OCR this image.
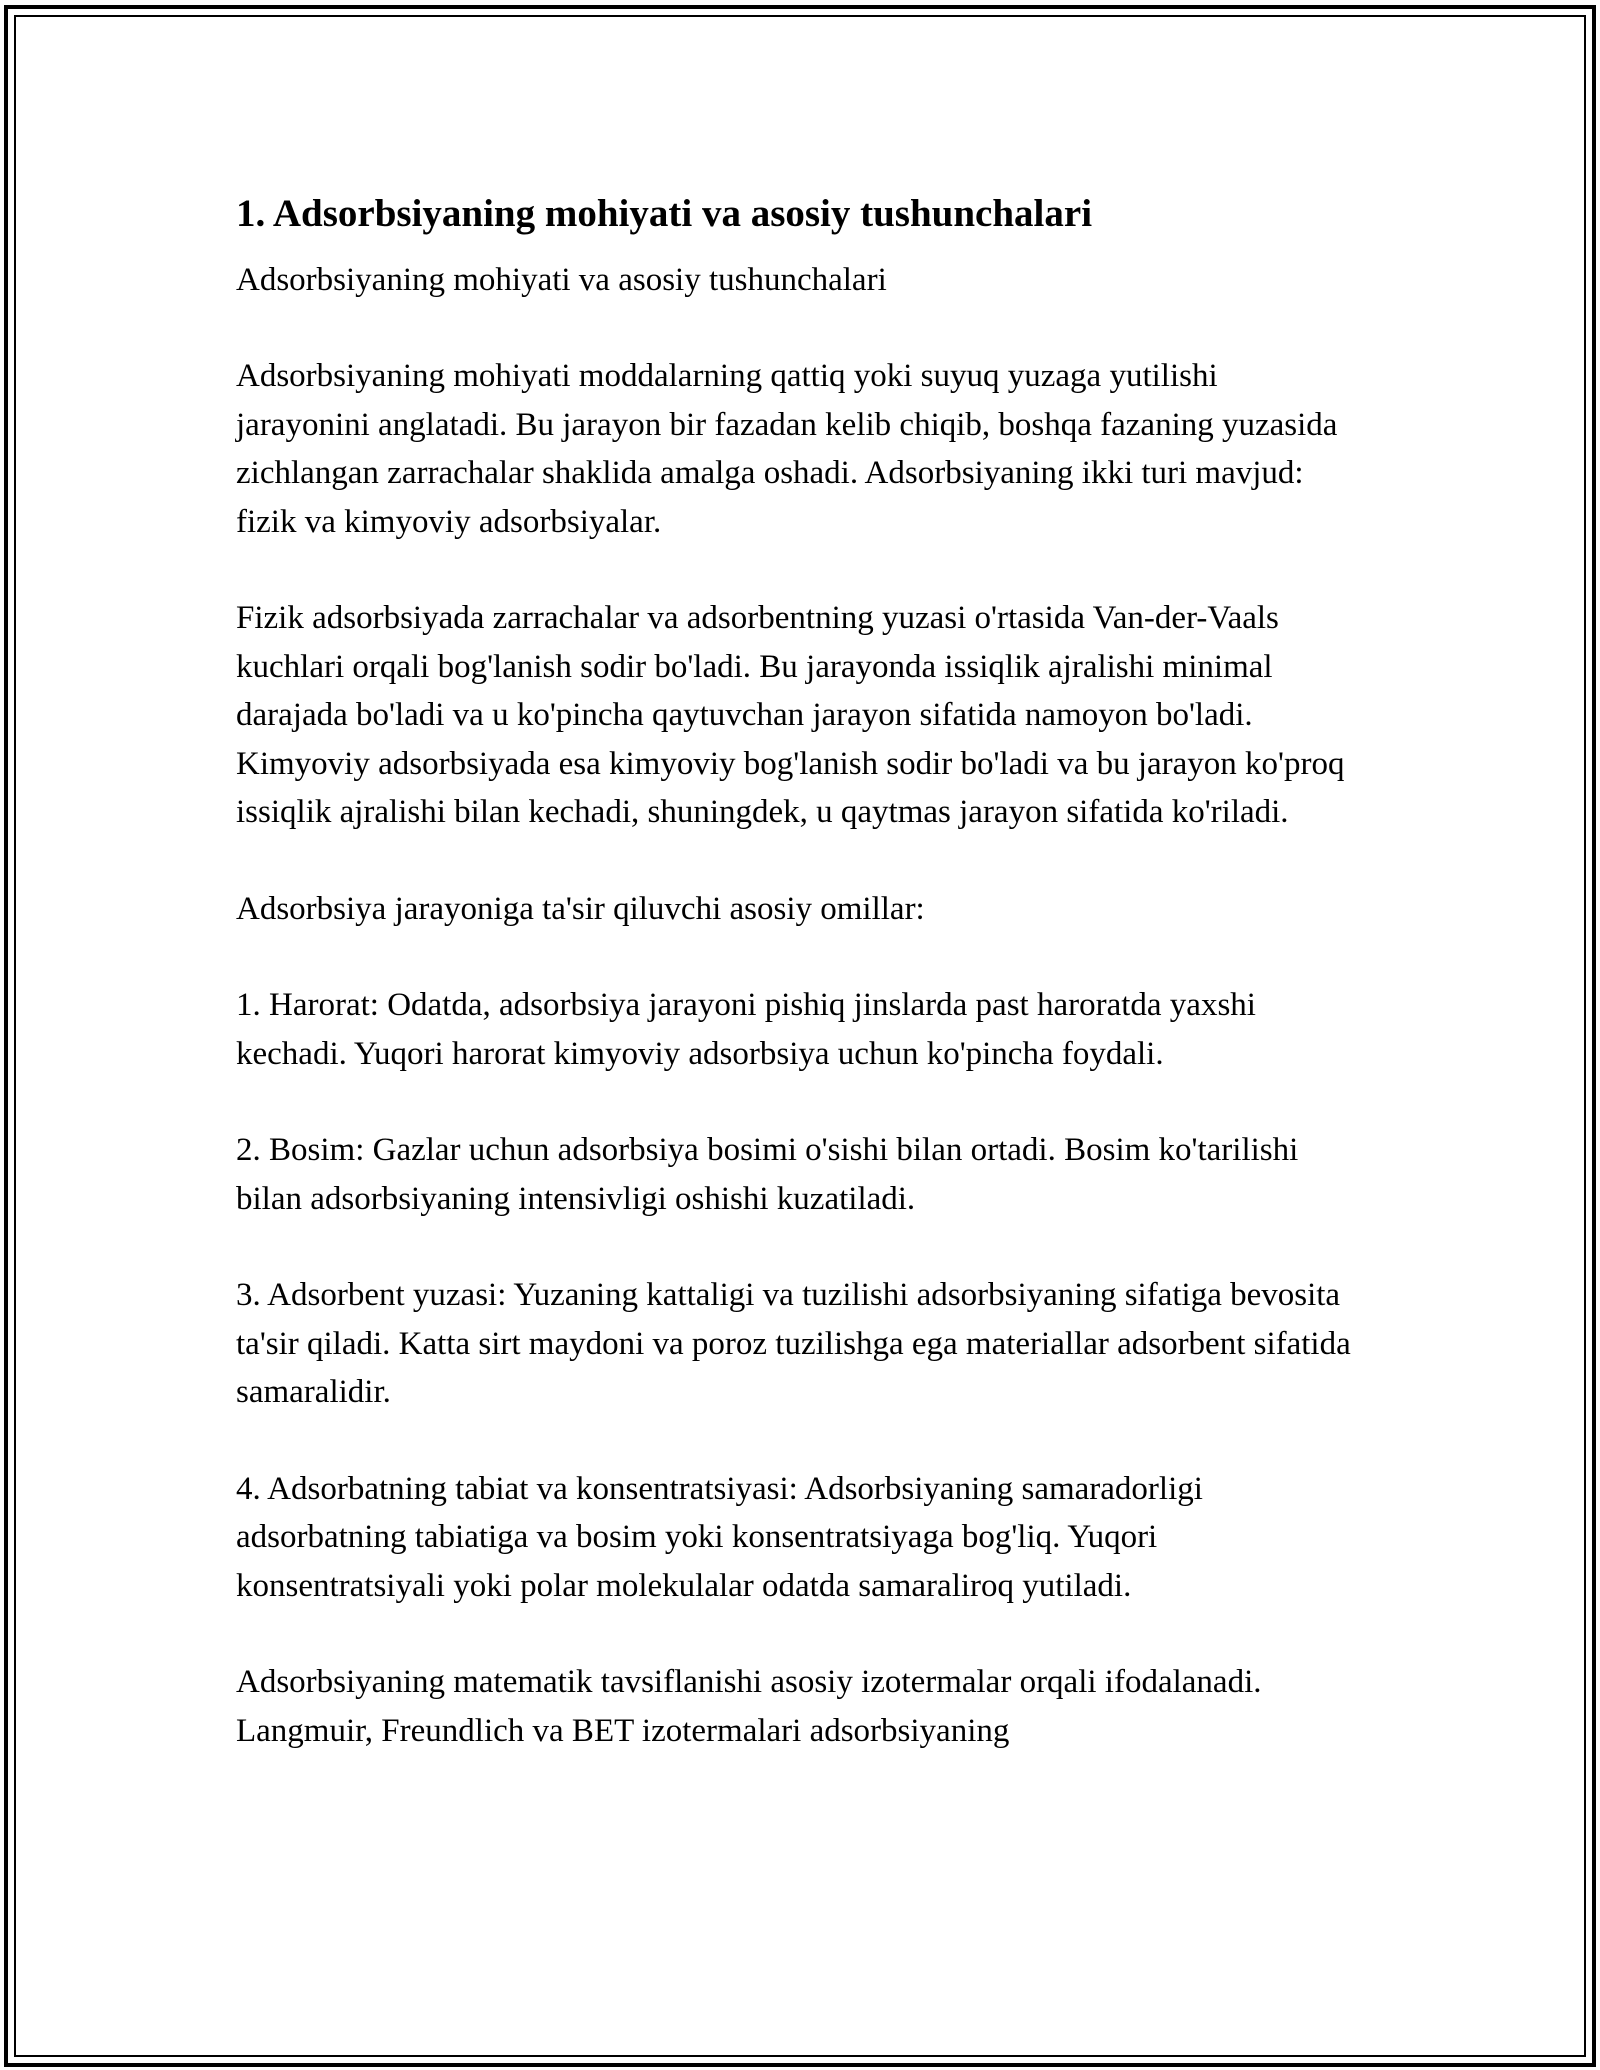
1. Adsorbsiyaning mohiyati va asosiy tushunchalari

Adsorbsiyaning mohiyati va asosiy tushunchalari

Adsorbsiyaning mohiyati moddalarning qattiq yoki suyuq yuzaga yutilishi jarayonini anglatadi. Bu jarayon bir fazadan kelib chiqib, boshqa fazaning yuzasida zichlangan zarrachalar shaklida amalga oshadi. Adsorbsiyaning ikki turi mavjud: fizik va kimyoviy adsorbsiyalar.

Fizik adsorbsiyada zarrachalar va adsorbentning yuzasi o'rtasida Van-der-Vaals kuchlari orqali bog'lanish sodir bo'ladi. Bu jarayonda issiqlik ajralishi minimal darajada bo'ladi va u ko'pincha qaytuvchan jarayon sifatida namoyon bo'ladi. Kimyoviy adsorbsiyada esa kimyoviy bog'lanish sodir bo'ladi va bu jarayon ko'proq issiqlik ajralishi bilan kechadi, shuningdek, u qaytmas jarayon sifatida ko'riladi.

Adsorbsiya jarayoniga ta'sir qiluvchi asosiy omillar:

1. Harorat: Odatda, adsorbsiya jarayoni pishiq jinslarda past haroratda yaxshi kechadi. Yuqori harorat kimyoviy adsorbsiya uchun ko'pincha foydali.

2. Bosim: Gazlar uchun adsorbsiya bosimi o'sishi bilan ortadi. Bosim ko'tarilishi bilan adsorbsiyaning intensivligi oshishi kuzatiladi.

3. Adsorbent yuzasi: Yuzaning kattaligi va tuzilishi adsorbsiyaning sifatiga bevosita ta'sir qiladi. Katta sirt maydoni va poroz tuzilishga ega materiallar adsorbent sifatida samaralidir.

4. Adsorbatning tabiat va konsentratsiyasi: Adsorbsiyaning samaradorligi adsorbatning tabiatiga va bosim yoki konsentratsiyaga bog'liq. Yuqori konsentratsiyali yoki polar molekulalar odatda samaraliroq yutiladi.

Adsorbsiyaning matematik tavsiflanishi asosiy izotermalar orqali ifodalanadi. Langmuir, Freundlich va BET izotermalari adsorbsiyaning
